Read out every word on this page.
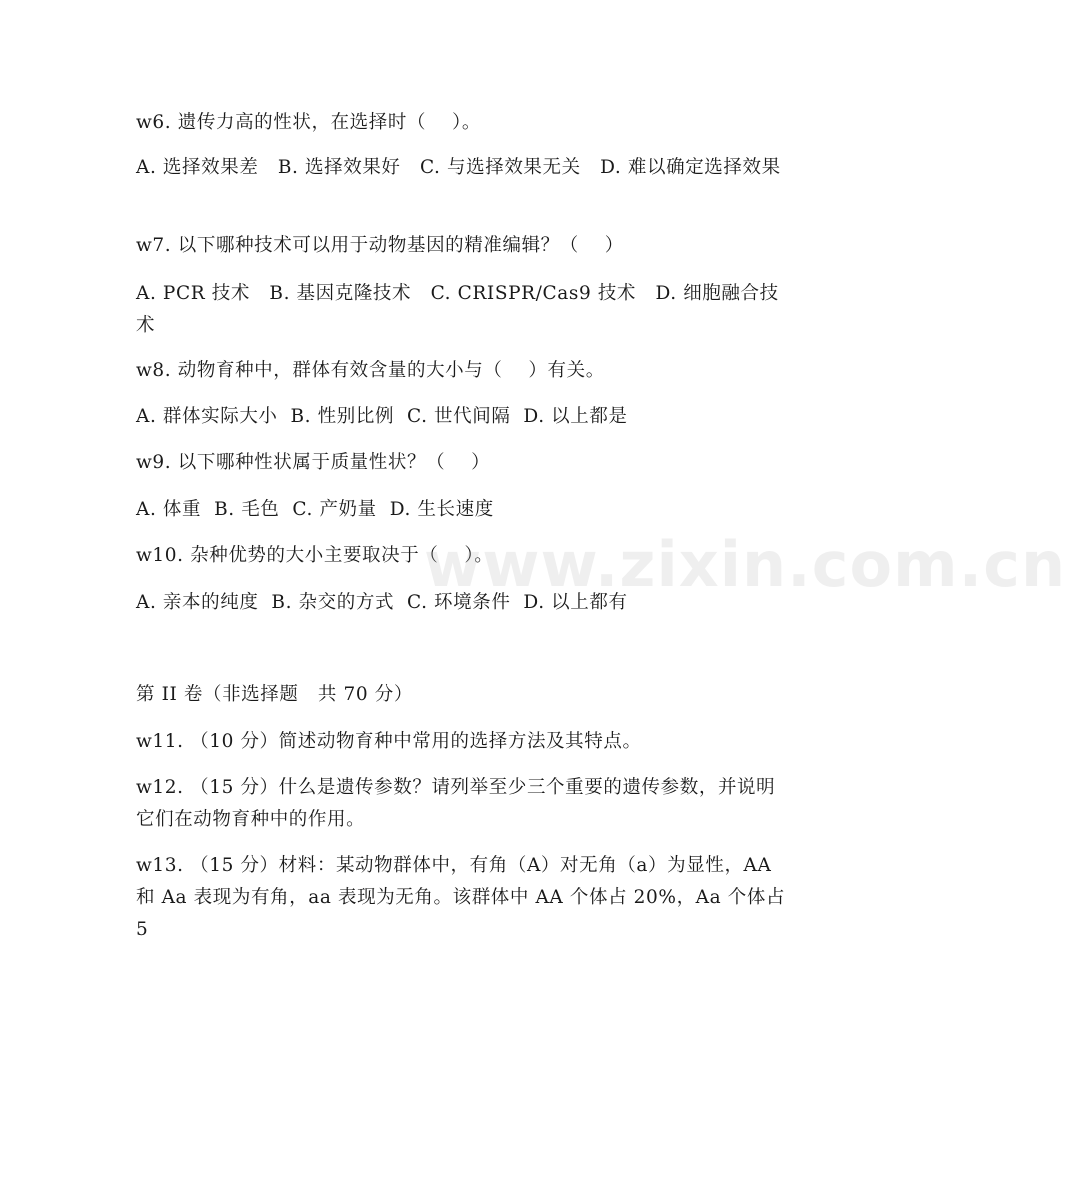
w6. 遗传力高的性状，在选择时（    ）。
A. 选择效果差   B. 选择效果好   C. 与选择效果无关   D. 难以确定选择效果
w7. 以下哪种技术可以用于动物基因的精准编辑？（    ）
A. PCR 技术   B. 基因克隆技术   C. CRISPR/Cas9 技术   D. 细胞融合技术
w8. 动物育种中，群体有效含量的大小与（    ）有关。
A. 群体实际大小  B. 性别比例  C. 世代间隔  D. 以上都是
w9. 以下哪种性状属于质量性状？（    ）
A. 体重  B. 毛色  C. 产奶量  D. 生长速度
w10. 杂种优势的大小主要取决于（    ）。
A. 亲本的纯度  B. 杂交的方式  C. 环境条件  D. 以上都有
第 II 卷（非选择题   共 70 分）
w11. （10 分）简述动物育种中常用的选择方法及其特点。
w12. （15 分）什么是遗传参数？请列举至少三个重要的遗传参数，并说明它们在动物育种中的作用。
w13. （15 分）材料：某动物群体中，有角（A）对无角（a）为显性，AA 和 Aa 表现为有角，aa 表现为无角。该群体中 AA 个体占 20%，Aa 个体占 5
www.zixin.com.cn
